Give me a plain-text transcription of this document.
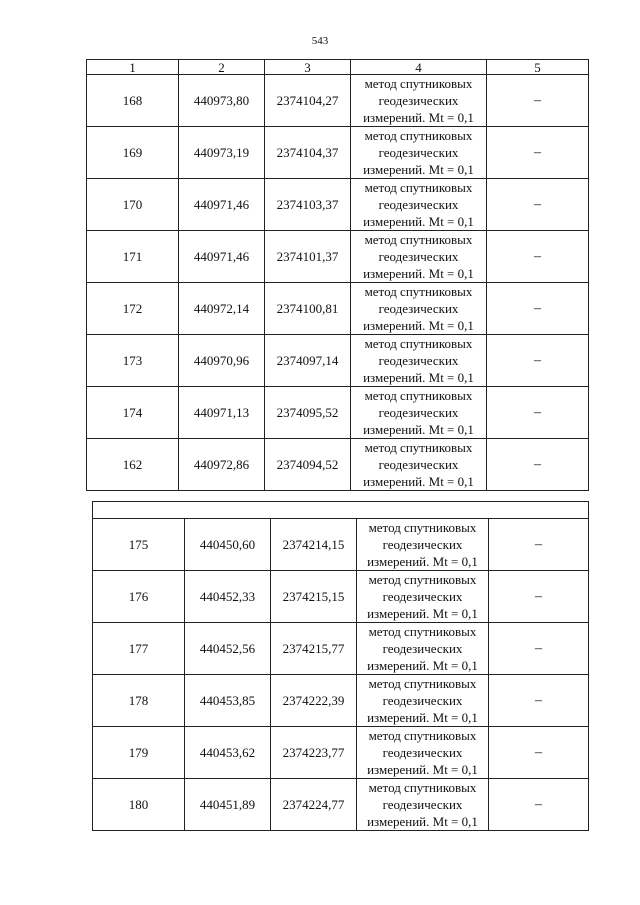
543
1	2	3	4	5
168	440973,80	2374104,27	метод спутниковых
геодезических
измерений. Mt = 0,1	–
169	440973,19	2374104,37	метод спутниковых
геодезических
измерений. Mt = 0,1	–
170	440971,46	2374103,37	метод спутниковых
геодезических
измерений. Mt = 0,1	–
171	440971,46	2374101,37	метод спутниковых
геодезических
измерений. Mt = 0,1	–
172	440972,14	2374100,81	метод спутниковых
геодезических
измерений. Mt = 0,1	–
173	440970,96	2374097,14	метод спутниковых
геодезических
измерений. Mt = 0,1	–
174	440971,13	2374095,52	метод спутниковых
геодезических
измерений. Mt = 0,1	–
162	440972,86	2374094,52	метод спутниковых
геодезических
измерений. Mt = 0,1	–

175	440450,60	2374214,15	метод спутниковых
геодезических
измерений. Mt = 0,1	–
176	440452,33	2374215,15	метод спутниковых
геодезических
измерений. Mt = 0,1	–
177	440452,56	2374215,77	метод спутниковых
геодезических
измерений. Mt = 0,1	–
178	440453,85	2374222,39	метод спутниковых
геодезических
измерений. Mt = 0,1	–
179	440453,62	2374223,77	метод спутниковых
геодезических
измерений. Mt = 0,1	–
180	440451,89	2374224,77	метод спутниковых
геодезических
измерений. Mt = 0,1	–
